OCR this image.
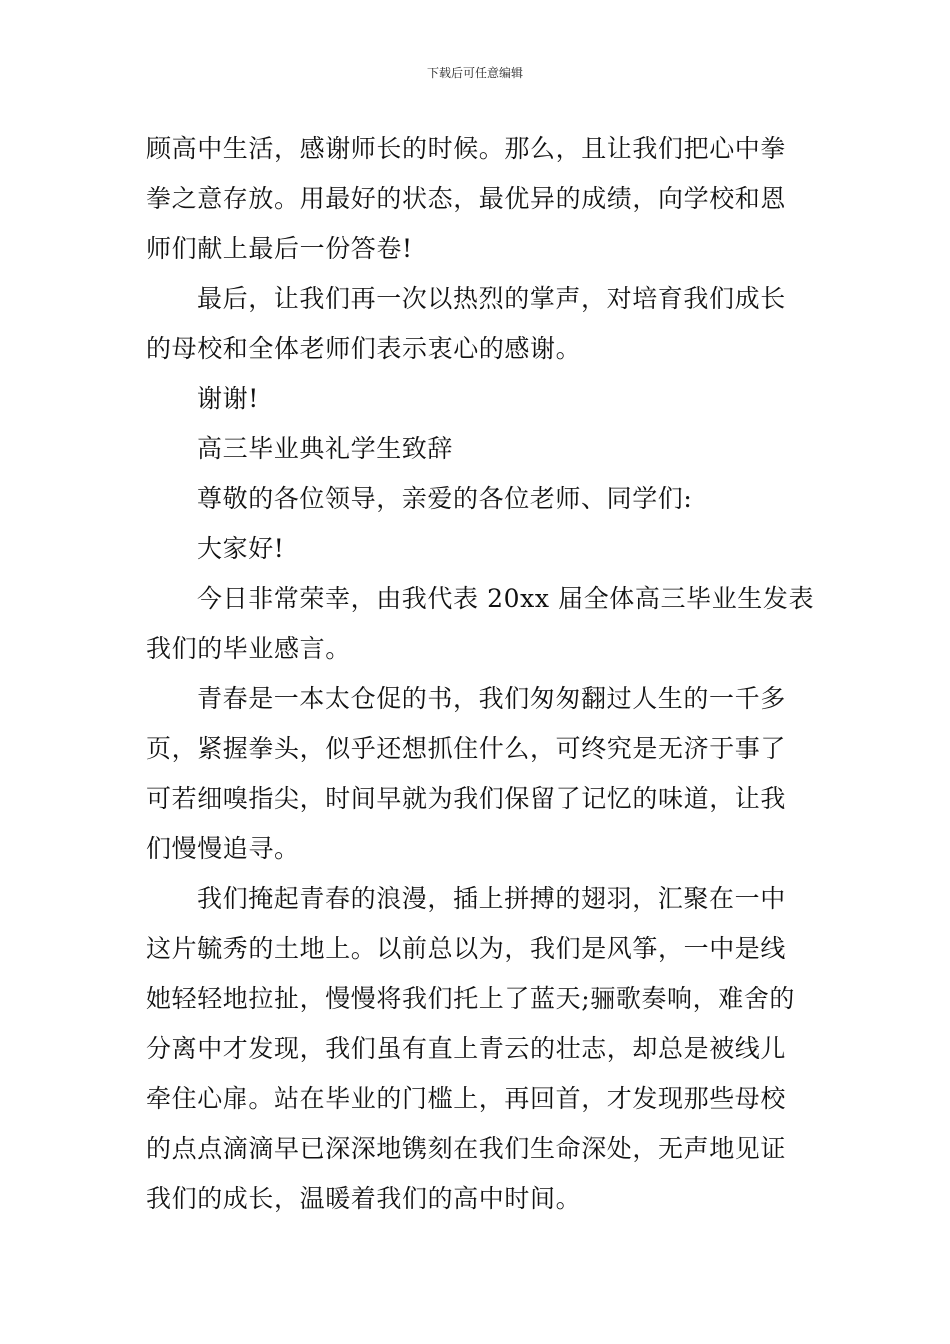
下载后可任意编辑
顾高中生活，感谢师长的时候。那么，且让我们把心中拳
拳之意存放。用最好的状态，最优异的成绩，向学校和恩
师们献上最后一份答卷!
最后，让我们再一次以热烈的掌声，对培育我们成长
的母校和全体老师们表示衷心的感谢。
谢谢!
高三毕业典礼学生致辞
尊敬的各位领导，亲爱的各位老师、同学们:
大家好!
今日非常荣幸，由我代表 20xx 届全体高三毕业生发表
我们的毕业感言。
青春是一本太仓促的书，我们匆匆翻过人生的一千多
页，紧握拳头，似乎还想抓住什么，可终究是无济于事了
可若细嗅指尖，时间早就为我们保留了记忆的味道，让我
们慢慢追寻。
我们掩起青春的浪漫，插上拼搏的翅羽，汇聚在一中
这片毓秀的土地上。以前总以为，我们是风筝，一中是线
她轻轻地拉扯，慢慢将我们托上了蓝天;骊歌奏响，难舍的
分离中才发现，我们虽有直上青云的壮志，却总是被线儿
牵住心扉。站在毕业的门槛上，再回首，才发现那些母校
的点点滴滴早已深深地镌刻在我们生命深处，无声地见证
我们的成长，温暖着我们的高中时间。
